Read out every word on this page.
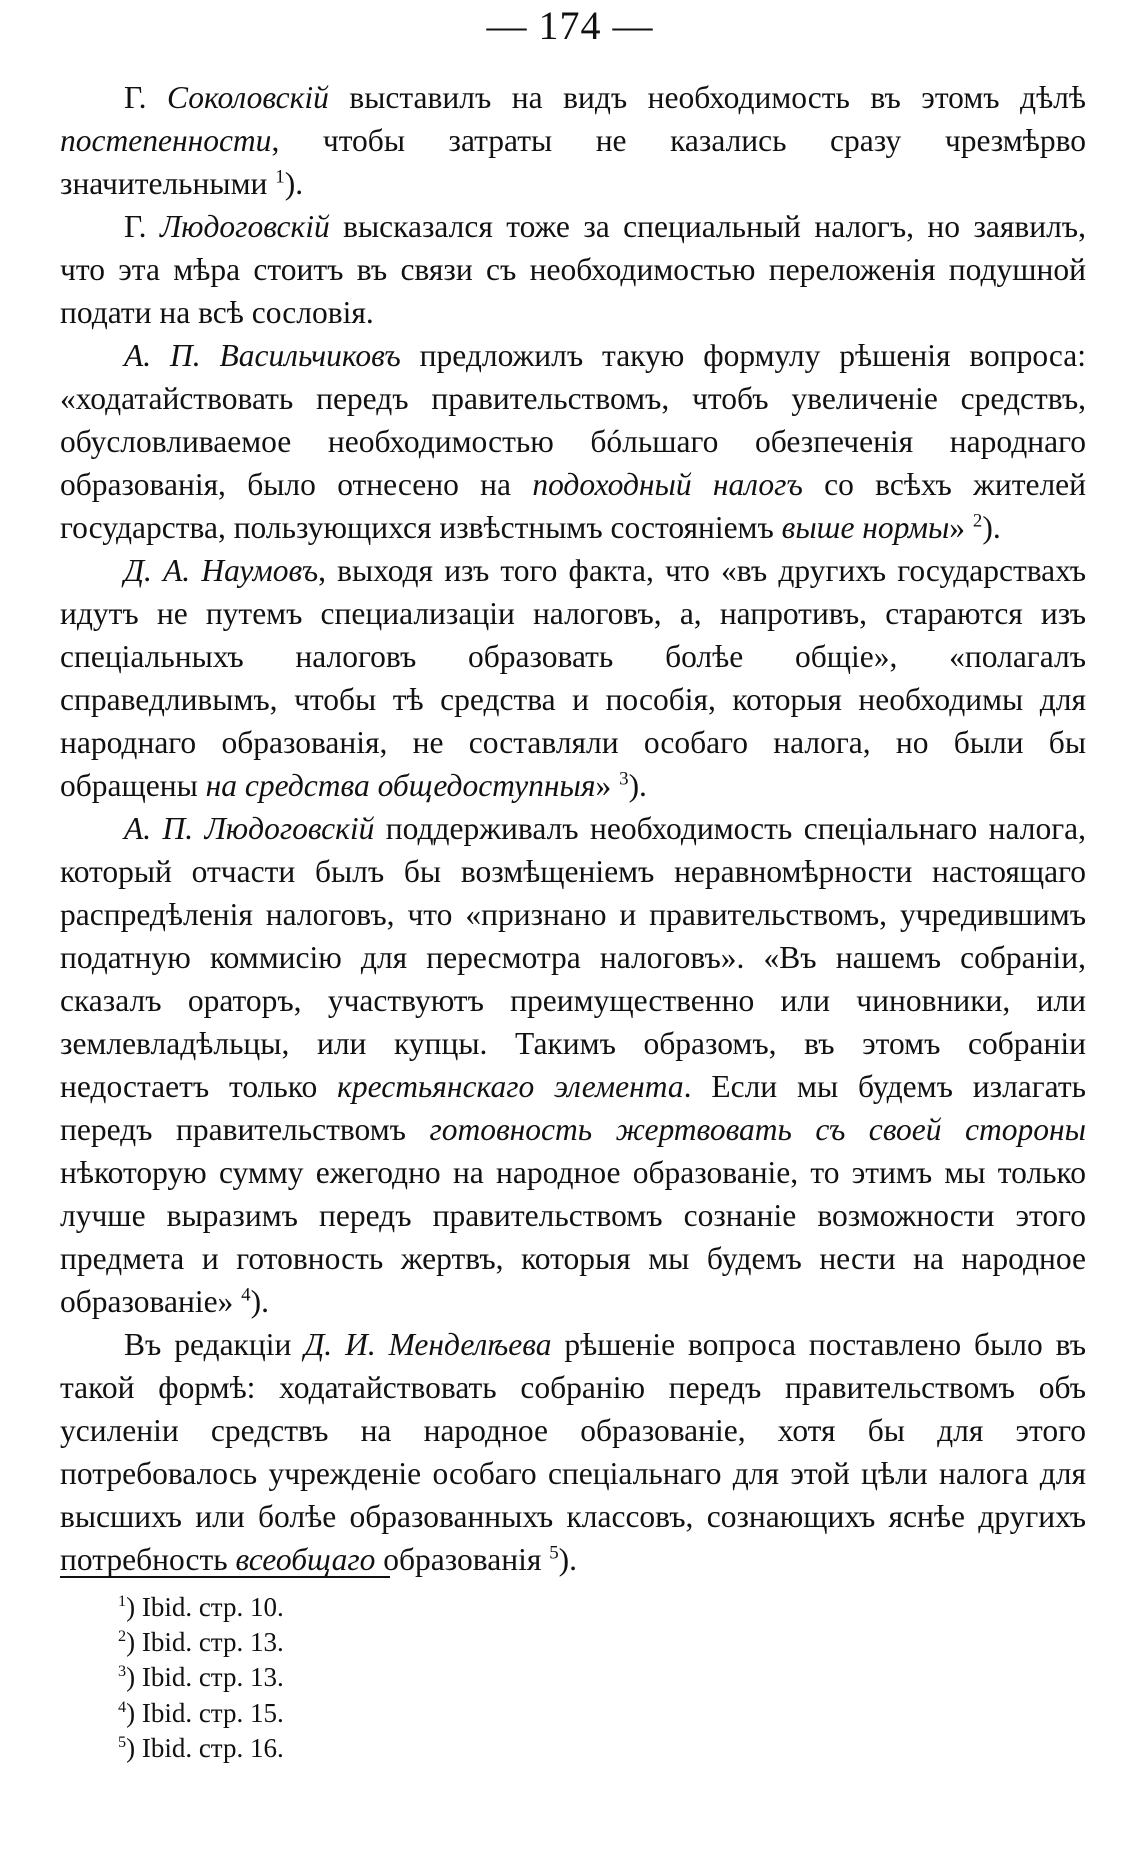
— 174 —

Г. Соколовскій выставилъ на видъ необходимость въ этомъ дѣлѣ постепенности, чтобы затраты не казались сразу чрезмѣрво значительными $^1$).

Г. Людоговскій высказался тоже за специальный налогъ, но заявилъ, что эта мѣра стоитъ въ связи съ необходимостью переложенія подушной подати на всѣ сословія.

А. П. Васильчиковъ предложилъ такую формулу рѣшенія вопроса: «ходатайствовать передъ правительствомъ, чтобъ увеличеніе средствъ, обусловливаемое необходимостью бóльшаго обезпеченія народнаго образованія, было отнесено на подоходный налогъ со всѣхъ жителей государства, пользующихся извѣстнымъ состояніемъ выше нормы» $^2$).

Д. А. Наумовъ, выходя изъ того факта, что «въ другихъ государствахъ идутъ не путемъ специализаціи налоговъ, а, напротивъ, стараются изъ спеціальныхъ налоговъ образовать болѣе общіе», «полагалъ справедливымъ, чтобы тѣ средства и пособія, которыя необходимы для народнаго образованія, не составляли особаго налога, но были бы обращены на средства общедоступныя» $^3$).

А. П. Людоговскій поддерживалъ необходимость спеціальнаго налога, который отчасти былъ бы возмѣщеніемъ неравномѣрности настоящаго распредѣленія налоговъ, что «признано и правительствомъ, учредившимъ податную коммисію для пересмотра налоговъ». «Въ нашемъ собраніи, сказалъ ораторъ, участвуютъ преимущественно или чиновники, или землевладѣльцы, или купцы. Такимъ образомъ, въ этомъ собраніи недостаетъ только крестьянскаго элемента. Если мы будемъ излагать передъ правительствомъ готовность жертвовать съ своей стороны нѣкоторую сумму ежегодно на народное образованіе, то этимъ мы только лучше выразимъ передъ правительствомъ сознаніе возможности этого предмета и готовность жертвъ, которыя мы будемъ нести на народное образованіе» $^4$).

Въ редакціи Д. И. Менделѣева рѣшеніе вопроса поставлено было въ такой формѣ: ходатайствовать собранію передъ правительствомъ объ усиленіи средствъ на народное образованіе, хотя бы для этого потребовалось учрежденіе особаго спеціальнаго для этой цѣли налога для высшихъ или болѣе образованныхъ классовъ, сознающихъ яснѣе другихъ потребность всеобщаго образованія $^5$).

$^1$) Ibid. стр. 10.
$^2$) Ibid. стр. 13.
$^3$) Ibid. стр. 13.
$^4$) Ibid. стр. 15.
$^5$) Ibid. стр. 16.
